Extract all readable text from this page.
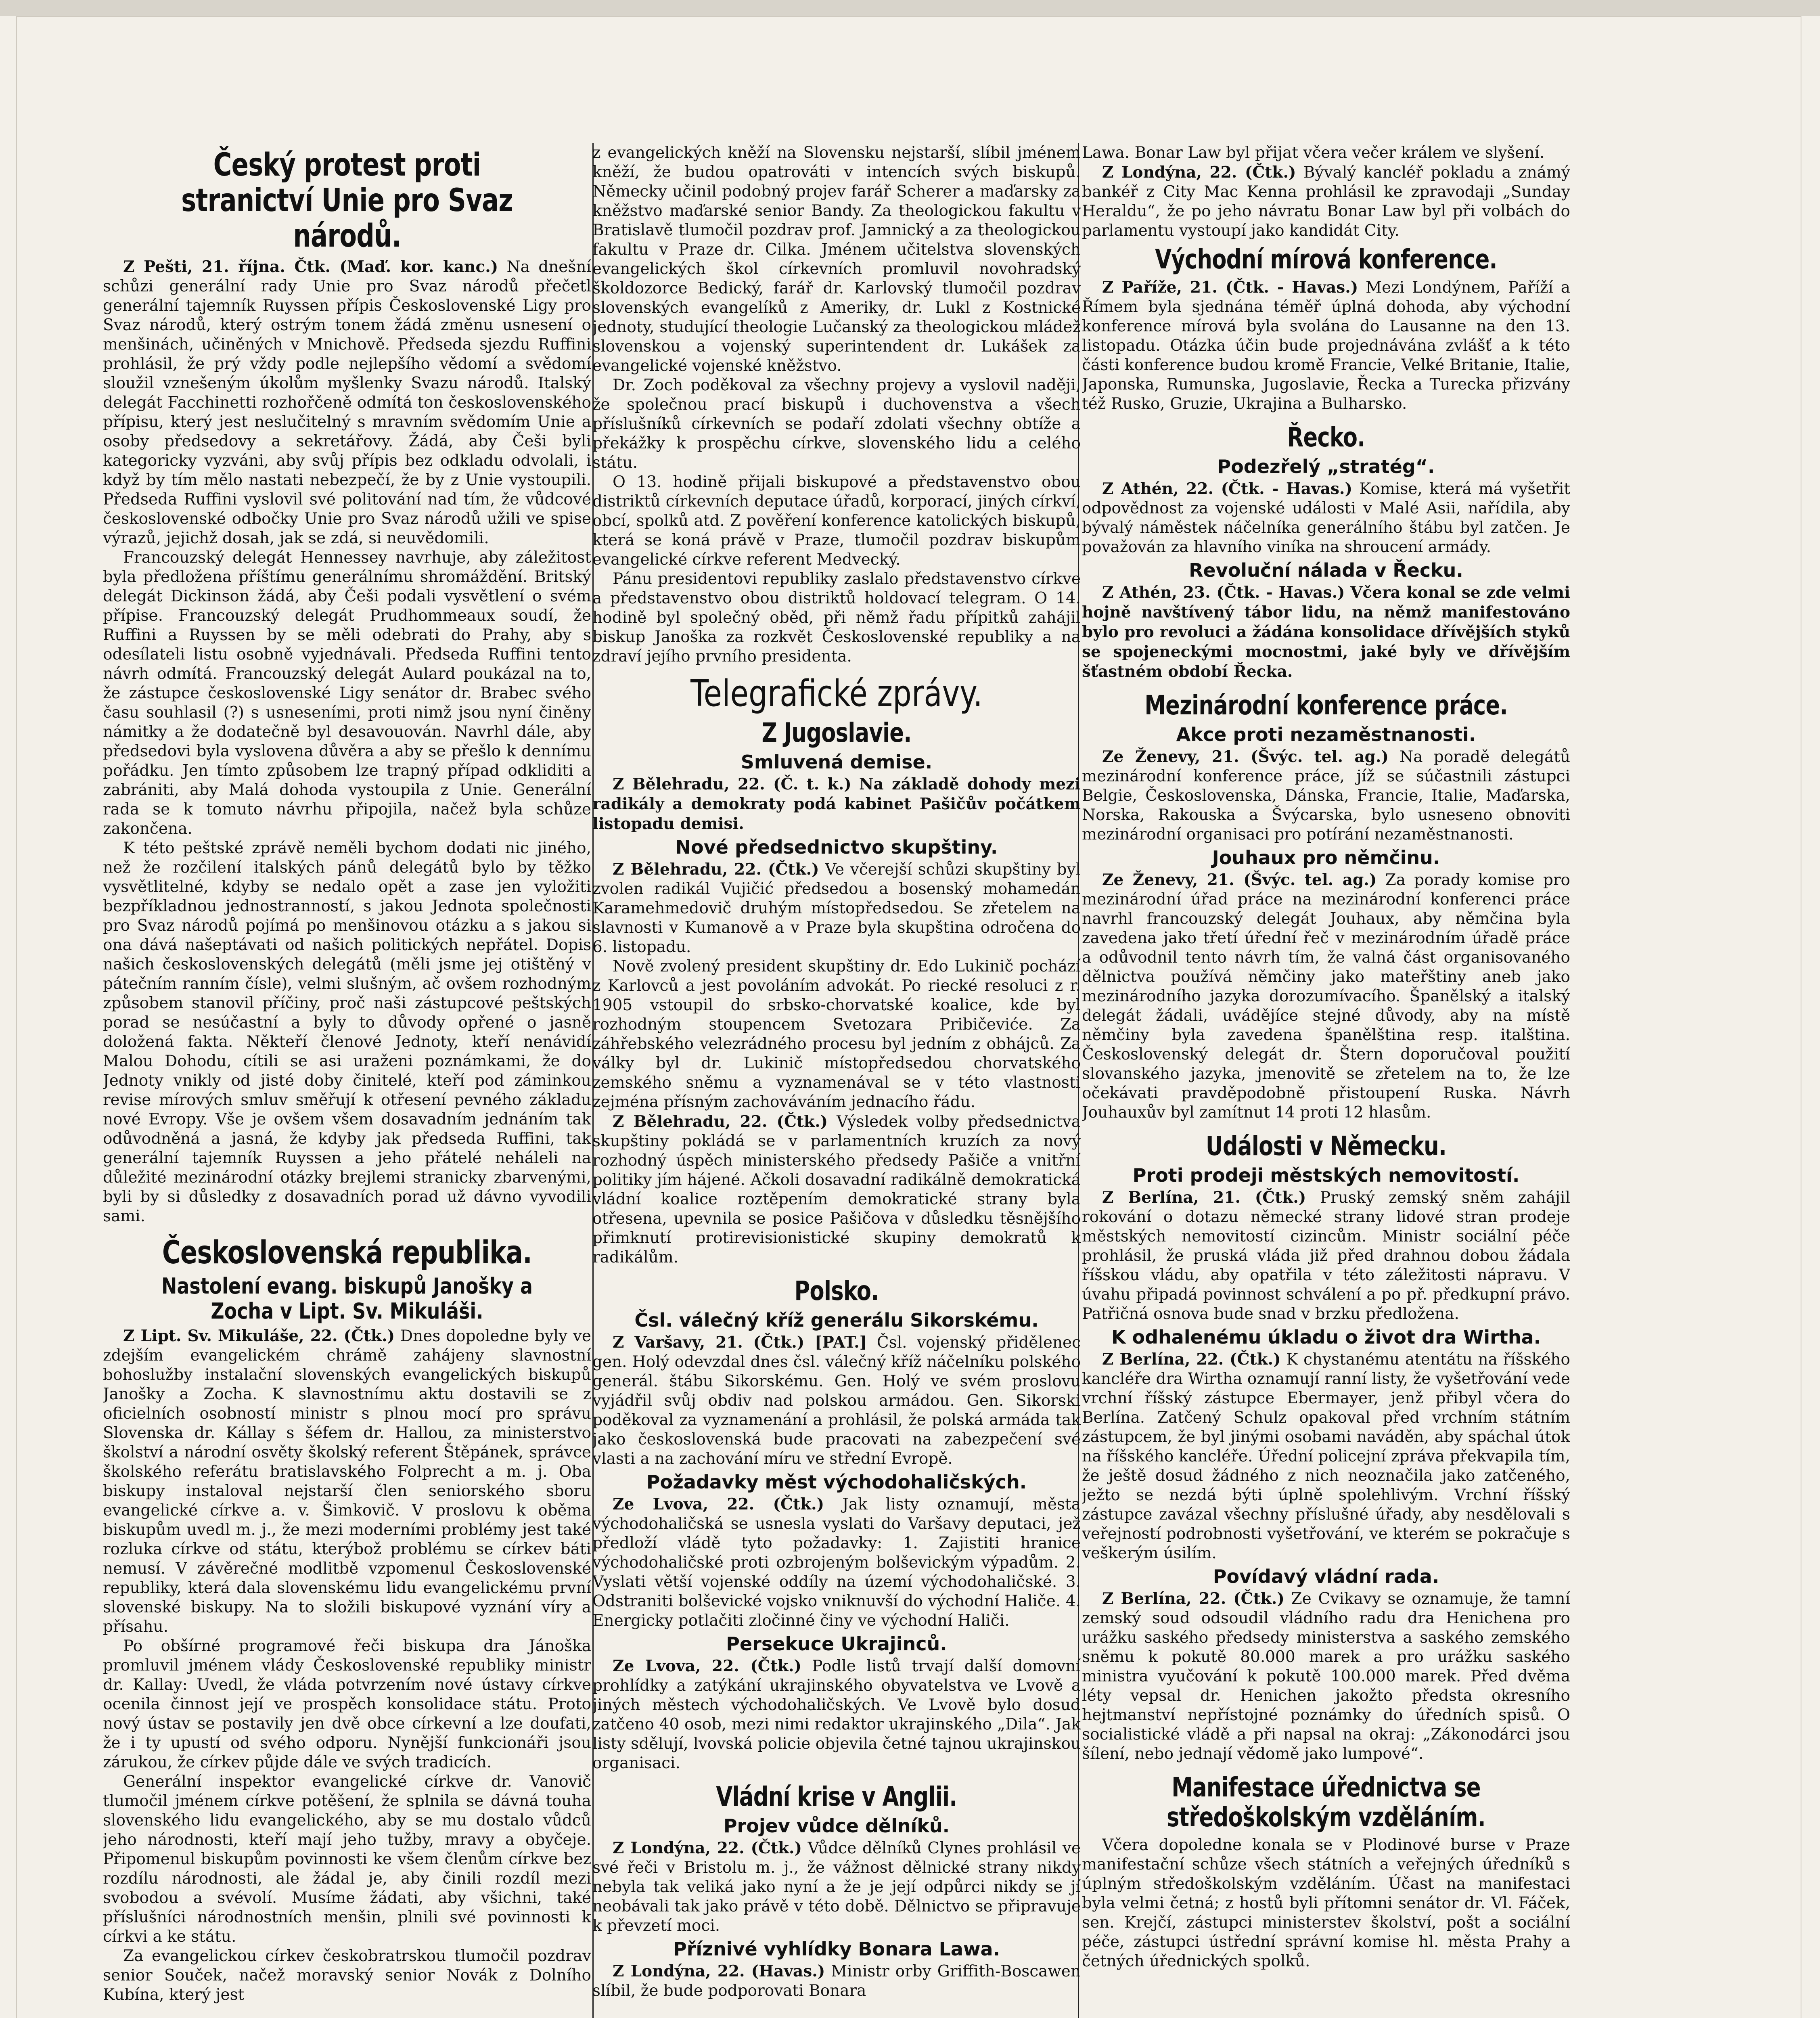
Český protest proti stranictví Unie pro Svaz národů.

Z Pešti, 21. října. Čtk. (Maď. kor. kanc.) Na dnešní schůzi generální rady Unie pro Svaz národů přečetl generální tajemník Ruyssen přípis Československé Ligy pro Svaz národů, který ostrým tonem žádá změnu usnesení o menšinách, učiněných v Mnichově. Předseda sjezdu Ruffini prohlásil, že prý vždy podle nejlepšího vědomí a svědomí sloužil vznešeným úkolům myšlenky Svazu národů. Italský delegát Facchinetti rozhořčeně odmítá ton československého přípisu, který jest neslučitelný s mravním svědomím Unie a osoby předsedovy a sekretářovy. Žádá, aby Češi byli kategoricky vyzváni, aby svůj přípis bez odkladu odvolali, i když by tím mělo nastati nebezpečí, že by z Unie vystoupili. Předseda Ruffini vyslovil své politování nad tím, že vůdcové československé odbočky Unie pro Svaz národů užili ve spise výrazů, jejichž dosah, jak se zdá, si neuvědomili.

Francouzský delegát Hennessey navrhuje, aby záležitost byla předložena příštímu generálnímu shromáždění. Britský delegát Dickinson žádá, aby Češi podali vysvětlení o svém přípise. Francouzský delegát Prudhommeaux soudí, že Ruffini a Ruyssen by se měli odebrati do Prahy, aby s odesílateli listu osobně vyjednávali. Předseda Ruffini tento návrh odmítá. Francouzský delegát Aulard poukázal na to, že zástupce československé Ligy senátor dr. Brabec svého času souhlasil (?) s usneseními, proti nimž jsou nyní činěny námitky a že dodatečně byl desavouován. Navrhl dále, aby předsedovi byla vyslovena důvěra a aby se přešlo k dennímu pořádku. Jen tímto způsobem lze trapný případ odkliditi a zabrániti, aby Malá dohoda vystoupila z Unie. Generální rada se k tomuto návrhu připojila, načež byla schůze zakončena.

K této peštské zprávě neměli bychom dodati nic jiného, než že rozčilení italských pánů delegátů bylo by těžko vysvětlitelné, kdyby se nedalo opět a zase jen vyložiti bezpříkladnou jednostranností, s jakou Jednota společnosti pro Svaz národů pojímá po menšinovou otázku a s jakou si ona dává našeptávati od našich politických nepřátel. Dopis našich československých delegátů (měli jsme jej otištěný v pátečním ranním čísle), velmi slušným, ač ovšem rozhodným způsobem stanovil příčiny, proč naši zástupcové peštských porad se nesúčastní a byly to důvody opřené o jasně doložená fakta. Někteří členové Jednoty, kteří nenávidí Malou Dohodu, cítili se asi uraženi poznámkami, že do Jednoty vnikly od jisté doby činitelé, kteří pod záminkou revise mírových smluv směřují k otřesení pevného základu nové Evropy. Vše je ovšem všem dosavadním jednáním tak odůvodněná a jasná, že kdyby jak předseda Ruffini, tak generální tajemník Ruyssen a jeho přátelé neháleli na důležité mezinárodní otázky brejlemi stranicky zbarvenými, byli by si důsledky z dosavadních porad už dávno vyvodili sami.

Československá republika.
Nastolení evang. biskupů Janošky a Zocha v Lipt. Sv. Mikuláši.

Z Lipt. Sv. Mikuláše, 22. (Čtk.) Dnes dopoledne byly ve zdejším evangelickém chrámě zahájeny slavnostní bohoslužby instalační slovenských evangelických biskupů Janošky a Zocha. K slavnostnímu aktu dostavili se z oficielních osobností ministr s plnou mocí pro správu Slovenska dr. Kállay s šéfem dr. Hallou, za ministerstvo školství a národní osvěty školský referent Štěpánek, správce školského referátu bratislavského Folprecht a m. j. Oba biskupy instaloval nejstarší člen seniorského sboru evangelické církve a. v. Šimkovič. V proslovu k oběma biskupům uvedl m. j., že mezi moderními problémy jest také rozluka církve od státu, kterýbož problému se církev báti nemusí. V závěrečné modlitbě vzpomenul Československé republiky, která dala slovenskému lidu evangelickému první slovenské biskupy. Na to složili biskupové vyznání víry a přísahu.

Po obšírné programové řeči biskupa dra Jánoška promluvil jménem vlády Československé republiky ministr dr. Kallay: Uvedl, že vláda potvrzením nové ústavy církve ocenila činnost její ve prospěch konsolidace státu. Proto nový ústav se postavily jen dvě obce církevní a lze doufati, že i ty upustí od svého odporu. Nynější funkcionáři jsou zárukou, že církev půjde dále ve svých tradicích.

Generální inspektor evangelické církve dr. Vanovič tlumočil jménem církve potěšení, že splnila se dávná touha slovenského lidu evangelického, aby se mu dostalo vůdců jeho národnosti, kteří mají jeho tužby, mravy a obyčeje. Připomenul biskupům povinnosti ke všem členům církve bez rozdílu národnosti, ale žádal je, aby činili rozdíl mezi svobodou a svévolí. Musíme žádati, aby všichni, také příslušníci národnostních menšin, plnili své povinnosti k církvi a ke státu.

Za evangelickou církev českobratrskou tlumočil pozdrav senior Souček, načež moravský senior Novák z Dolního Kubína, který jest

z evangelických kněží na Slovensku nejstarší, slíbil jménem kněží, že budou opatrováti v intencích svých biskupů. Německy učinil podobný projev farář Scherer a maďarsky za kněžstvo maďarské senior Bandy. Za theologickou fakultu v Bratislavě tlumočil pozdrav prof. Jamnický a za theologickou fakultu v Praze dr. Cilka. Jménem učitelstva slovenských evangelických škol církevních promluvil novohradský školdozorce Bedický, farář dr. Karlovský tlumočil pozdrav slovenských evangelíků z Ameriky, dr. Lukl z Kostnické jednoty, studující theologie Lučanský za theologickou mládež slovenskou a vojenský superintendent dr. Lukášek za evangelické vojenské kněžstvo.

Dr. Zoch poděkoval za všechny projevy a vyslovil naději, že společnou prací biskupů i duchovenstva a všech příslušníků církevních se podaří zdolati všechny obtíže a překážky k prospěchu církve, slovenského lidu a celého státu.

O 13. hodině přijali biskupové a představenstvo obou distriktů církevních deputace úřadů, korporací, jiných církví, obcí, spolků atd. Z pověření konference katolických biskupů, která se koná právě v Praze, tlumočil pozdrav biskupům evangelické církve referent Medvecký.

Pánu presidentovi republiky zaslalo představenstvo církve a představenstvo obou distriktů holdovací telegram. O 14. hodině byl společný oběd, při němž řadu přípitků zahájil biskup Janoška za rozkvět Československé republiky a na zdraví jejího prvního presidenta.

Telegrafické zprávy.
Z Jugoslavie.
Smluvená demise.

Z Bělehradu, 22. (Č. t. k.) Na základě dohody mezi radikály a demokraty podá kabinet Pašičův počátkem listopadu demisi.

Nové předsednictvo skupštiny.

Z Bělehradu, 22. (Čtk.) Ve včerejší schůzi skupštiny byl zvolen radikál Vujičić předsedou a bosenský mohamedán Karamehmedovič druhým místopředsedou. Se zřetelem na slavnosti v Kumanově a v Praze byla skupština odročena do 6. listopadu.

Nově zvolený president skupštiny dr. Edo Lukinič pochází z Karlovců a jest povoláním advokát. Po riecké resoluci z r. 1905 vstoupil do srbsko-chorvatské koalice, kde byl rozhodným stoupencem Svetozara Pribičeviće. Za záhřebského velezrádného procesu byl jedním z obhájců. Za války byl dr. Lukinič místopředsedou chorvatského zemského sněmu a vyznamenával se v této vlastnosti zejména přísným zachováváním jednacího řádu.

Z Bělehradu, 22. (Čtk.) Výsledek volby předsednictva skupštiny pokládá se v parlamentních kruzích za nový rozhodný úspěch ministerského předsedy Pašiče a vnitřní politiky jím hájené. Ačkoli dosavadní radikálně demokratická vládní koalice roztěpením demokratické strany byla otřesena, upevnila se posice Pašičova v důsledku těsnějšího přimknutí protirevisionistické skupiny demokratů k radikálům.

Polsko.
Čsl. válečný kříž generálu Sikorskému.

Z Varšavy, 21. (Čtk.) [PAT.] Čsl. vojenský přidělenec gen. Holý odevzdal dnes čsl. válečný kříž náčelníku polského generál. štábu Sikorskému. Gen. Holý ve svém proslovu vyjádřil svůj obdiv nad polskou armádou. Gen. Sikorski poděkoval za vyznamenání a prohlásil, že polská armáda tak jako československá bude pracovati na zabezpečení své vlasti a na zachování míru ve střední Evropě.

Požadavky měst východohaličských.

Ze Lvova, 22. (Čtk.) Jak listy oznamují, města východohaličská se usnesla vyslati do Varšavy deputaci, jež předloží vládě tyto požadavky: 1. Zajistiti hranice východohaličské proti ozbrojeným bolševickým výpadům. 2. Vyslati větší vojenské oddíly na území východohaličské. 3. Odstraniti bolševické vojsko vniknuvší do východní Haliče. 4. Energicky potlačiti zločinné činy ve východní Haliči.

Persekuce Ukrajinců.

Ze Lvova, 22. (Čtk.) Podle listů trvají další domovní prohlídky a zatýkání ukrajinského obyvatelstva ve Lvově a jiných městech východohaličských. Ve Lvově bylo dosud zatčeno 40 osob, mezi nimi redaktor ukrajinského „Dila“. Jak listy sdělují, lvovská policie objevila četné tajnou ukrajinskou organisaci.

Vládní krise v Anglii.
Projev vůdce dělníků.

Z Londýna, 22. (Čtk.) Vůdce dělníků Clynes prohlásil ve své řeči v Bristolu m. j., že vážnost dělnické strany nikdy nebyla tak veliká jako nyní a že je její odpůrci nikdy se jí neobávali tak jako právě v této době. Dělnictvo se připravuje k převzetí moci.

Příznivé vyhlídky Bonara Lawa.

Z Londýna, 22. (Havas.) Ministr orby Griffith-Boscawen slíbil, že bude podporovati Bonara

Lawa. Bonar Law byl přijat včera večer králem ve slyšení.

Z Londýna, 22. (Čtk.) Bývalý kancléř pokladu a známý bankéř z City Mac Kenna prohlásil ke zpravodaji „Sunday Heraldu“, že po jeho návratu Bonar Law byl při volbách do parlamentu vystoupí jako kandidát City.

Východní mírová konference.

Z Paříže, 21. (Čtk. - Havas.) Mezi Londýnem, Paříží a Římem byla sjednána téměř úplná dohoda, aby východní konference mírová byla svolána do Lausanne na den 13. listopadu. Otázka účin bude projednávána zvlášť a k této části konference budou kromě Francie, Velké Britanie, Italie, Japonska, Rumunska, Jugoslavie, Řecka a Turecka přizvány též Rusko, Gruzie, Ukrajina a Bulharsko.

Řecko.
Podezřelý „stratég“.

Z Athén, 22. (Čtk. - Havas.) Komise, která má vyšetřit odpovědnost za vojenské události v Malé Asii, nařídila, aby bývalý náměstek náčelníka generálního štábu byl zatčen. Je považován za hlavního viníka na shroucení armády.

Revoluční nálada v Řecku.

Z Athén, 23. (Čtk. - Havas.) Včera konal se zde velmi hojně navštívený tábor lidu, na němž manifestováno bylo pro revoluci a žádána konsolidace dřívějších styků se spojeneckými mocnostmi, jaké byly ve dřívějším šťastném období Řecka.

Mezinárodní konference práce.
Akce proti nezaměstnanosti.

Ze Ženevy, 21. (Švýc. tel. ag.) Na poradě delegátů mezinárodní konference práce, jíž se súčastnili zástupci Belgie, Československa, Dánska, Francie, Italie, Maďarska, Norska, Rakouska a Švýcarska, bylo usneseno obnoviti mezinárodní organisaci pro potírání nezaměstnanosti.

Jouhaux pro němčinu.

Ze Ženevy, 21. (Švýc. tel. ag.) Za porady komise pro mezinárodní úřad práce na mezinárodní konferenci práce navrhl francouzský delegát Jouhaux, aby němčina byla zavedena jako třetí úřední řeč v mezinárodním úřadě práce a odůvodnil tento návrh tím, že valná část organisovaného dělnictva používá němčiny jako mateřštiny aneb jako mezinárodního jazyka dorozumívacího. Španělský a italský delegát žádali, uvádějíce stejné důvody, aby na místě němčiny byla zavedena španělština resp. italština. Československý delegát dr. Štern doporučoval použití slovanského jazyka, jmenovitě se zřetelem na to, že lze očekávati pravděpodobně přistoupení Ruska. Návrh Jouhauxův byl zamítnut 14 proti 12 hlasům.

Události v Německu.
Proti prodeji městských nemovitostí.

Z Berlína, 21. (Čtk.) Pruský zemský sněm zahájil rokování o dotazu německé strany lidové stran prodeje městských nemovitostí cizincům. Ministr sociální péče prohlásil, že pruská vláda již před drahnou dobou žádala říšskou vládu, aby opatřila v této záležitosti nápravu. V úvahu připadá povinnost schválení a po př. předkupní právo. Patřičná osnova bude snad v brzku předložena.

K odhalenému úkladu o život dra Wirtha.

Z Berlína, 22. (Čtk.) K chystanému atentátu na říšského kancléře dra Wirtha oznamují ranní listy, že vyšetřování vede vrchní říšský zástupce Ebermayer, jenž přibyl včera do Berlína. Zatčený Schulz opakoval před vrchním státním zástupcem, že byl jinými osobami naváděn, aby spáchal útok na říšského kancléře. Úřední policejní zpráva překvapila tím, že ještě dosud žádného z nich neoznačila jako zatčeného, ježto se nezdá býti úplně spolehlivým. Vrchní říšský zástupce zavázal všechny příslušné úřady, aby nesdělovali s veřejností podrobnosti vyšetřování, ve kterém se pokračuje s veškerým úsilím.

Povídavý vládní rada.

Z Berlína, 22. (Čtk.) Ze Cvikavy se oznamuje, že tamní zemský soud odsoudil vládního radu dra Henichena pro urážku saského předsedy ministerstva a saského zemského sněmu k pokutě 80.000 marek a pro urážku saského ministra vyučování k pokutě 100.000 marek. Před dvěma léty vepsal dr. Henichen jakožto předsta okresního hejtmanství nepřístojné poznámky do úředních spisů. O socialistické vládě a při napsal na okraj: „Zákonodárci jsou šílení, nebo jednají vědomě jako lumpové“.

Manifestace úřednictva se středoškolským vzděláním.

Včera dopoledne konala se v Plodinové burse v Praze manifestační schůze všech státních a veřejných úředníků s úplným středoškolským vzděláním. Účast na manifestaci byla velmi četná; z hostů byli přítomni senátor dr. Vl. Fáček, sen. Krejčí, zástupci ministerstev školství, pošt a sociální péče, zástupci ústřední správní komise hl. města Prahy a četných úřednických spolků.
